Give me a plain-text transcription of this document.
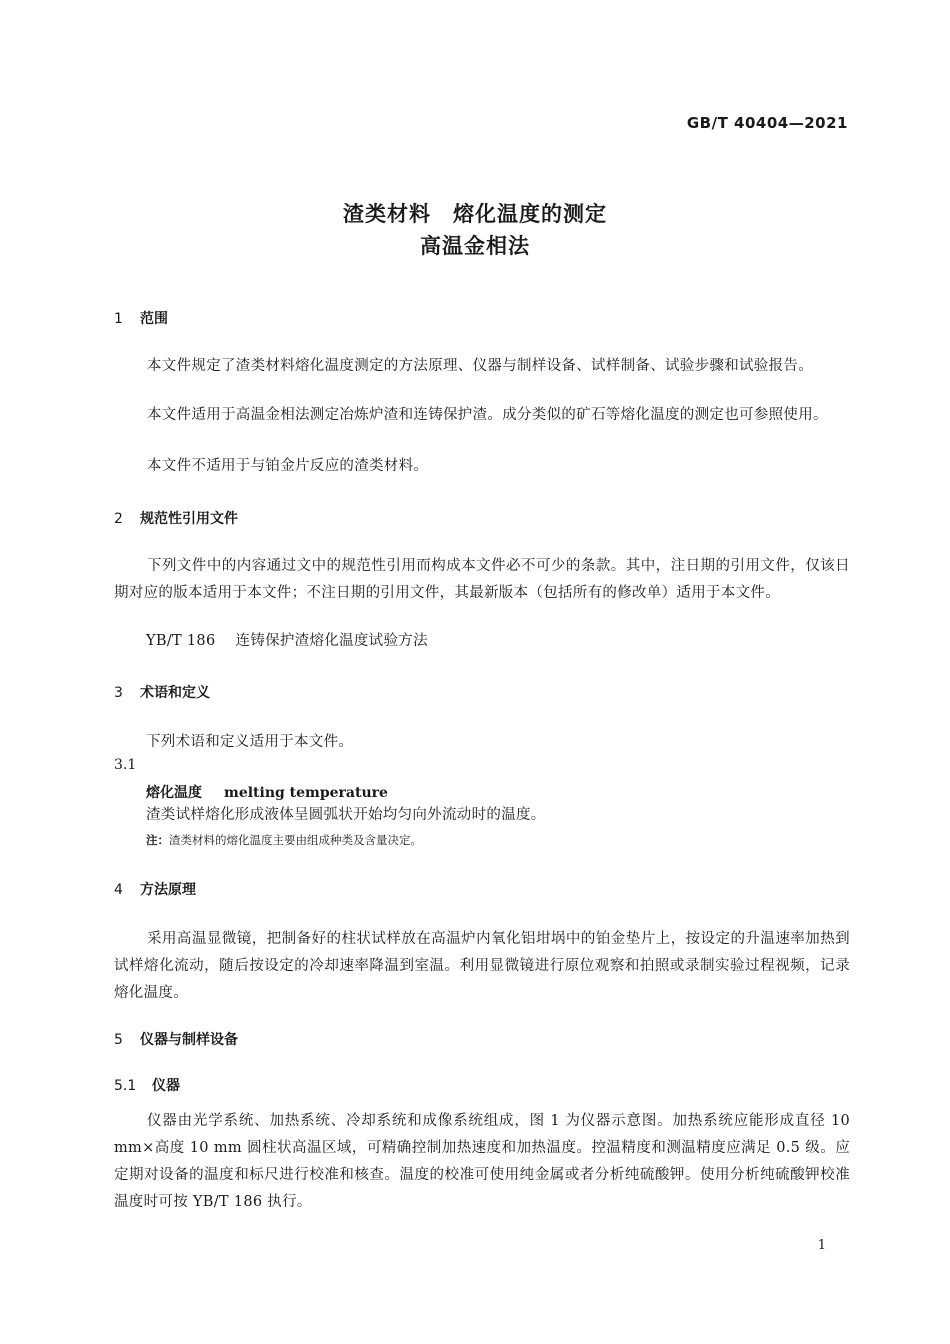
GB/T 40404—2021
渣类材料　熔化温度的测定
高温金相法
1 范围
本文件规定了渣类材料熔化温度测定的方法原理、仪器与制样设备、试样制备、试验步骤和试验报告。
本文件适用于高温金相法测定冶炼炉渣和连铸保护渣。成分类似的矿石等熔化温度的测定也可参照使用。
本文件不适用于与铂金片反应的渣类材料。
2 规范性引用文件
下列文件中的内容通过文中的规范性引用而构成本文件必不可少的条款。其中，注日期的引用文件，仅该日期对应的版本适用于本文件；不注日期的引用文件，其最新版本（包括所有的修改单）适用于本文件。
YB/T 186 连铸保护渣熔化温度试验方法
3 术语和定义
下列术语和定义适用于本文件。
3.1
熔化温度 melting temperature
渣类试样熔化形成液体呈圆弧状开始均匀向外流动时的温度。
注：渣类材料的熔化温度主要由组成种类及含量决定。
4 方法原理
采用高温显微镜，把制备好的柱状试样放在高温炉内氧化铝坩埚中的铂金垫片上，按设定的升温速率加热到试样熔化流动，随后按设定的冷却速率降温到室温。利用显微镜进行原位观察和拍照或录制实验过程视频，记录熔化温度。
5 仪器与制样设备
5.1 仪器
仪器由光学系统、加热系统、冷却系统和成像系统组成，图 1 为仪器示意图。加热系统应能形成直径 10 mm×高度 10 mm 圆柱状高温区域，可精确控制加热速度和加热温度。控温精度和测温精度应满足 0.5 级。应定期对设备的温度和标尺进行校准和核查。温度的校准可使用纯金属或者分析纯硫酸钾。使用分析纯硫酸钾校准温度时可按 YB/T 186 执行。
1
